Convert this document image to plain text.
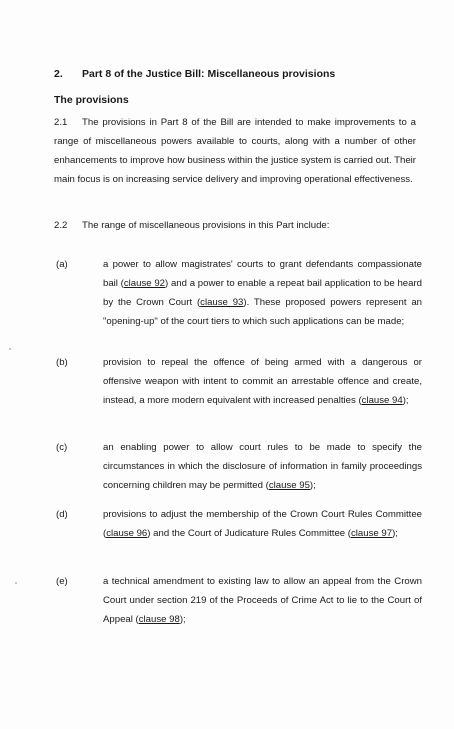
2. Part 8 of the Justice Bill: Miscellaneous provisions
The provisions
2.1 The provisions in Part 8 of the Bill are intended to make improvements to a range of miscellaneous powers available to courts, along with a number of other enhancements to improve how business within the justice system is carried out. Their main focus is on increasing service delivery and improving operational effectiveness.
2.2 The range of miscellaneous provisions in this Part include:
(a)	a power to allow magistrates' courts to grant defendants compassionate bail (clause 92) and a power to enable a repeat bail application to be heard by the Crown Court (clause 93). These proposed powers represent an "opening-up" of the court tiers to which such applications can be made;
(b)	provision to repeal the offence of being armed with a dangerous or offensive weapon with intent to commit an arrestable offence and create, instead, a more modern equivalent with increased penalties (clause 94);
(c)	an enabling power to allow court rules to be made to specify the circumstances in which the disclosure of information in family proceedings concerning children may be permitted (clause 95);
(d)	provisions to adjust the membership of the Crown Court Rules Committee (clause 96) and the Court of Judicature Rules Committee (clause 97);
(e)	a technical amendment to existing law to allow an appeal from the Crown Court under section 219 of the Proceeds of Crime Act to lie to the Court of Appeal (clause 98);
